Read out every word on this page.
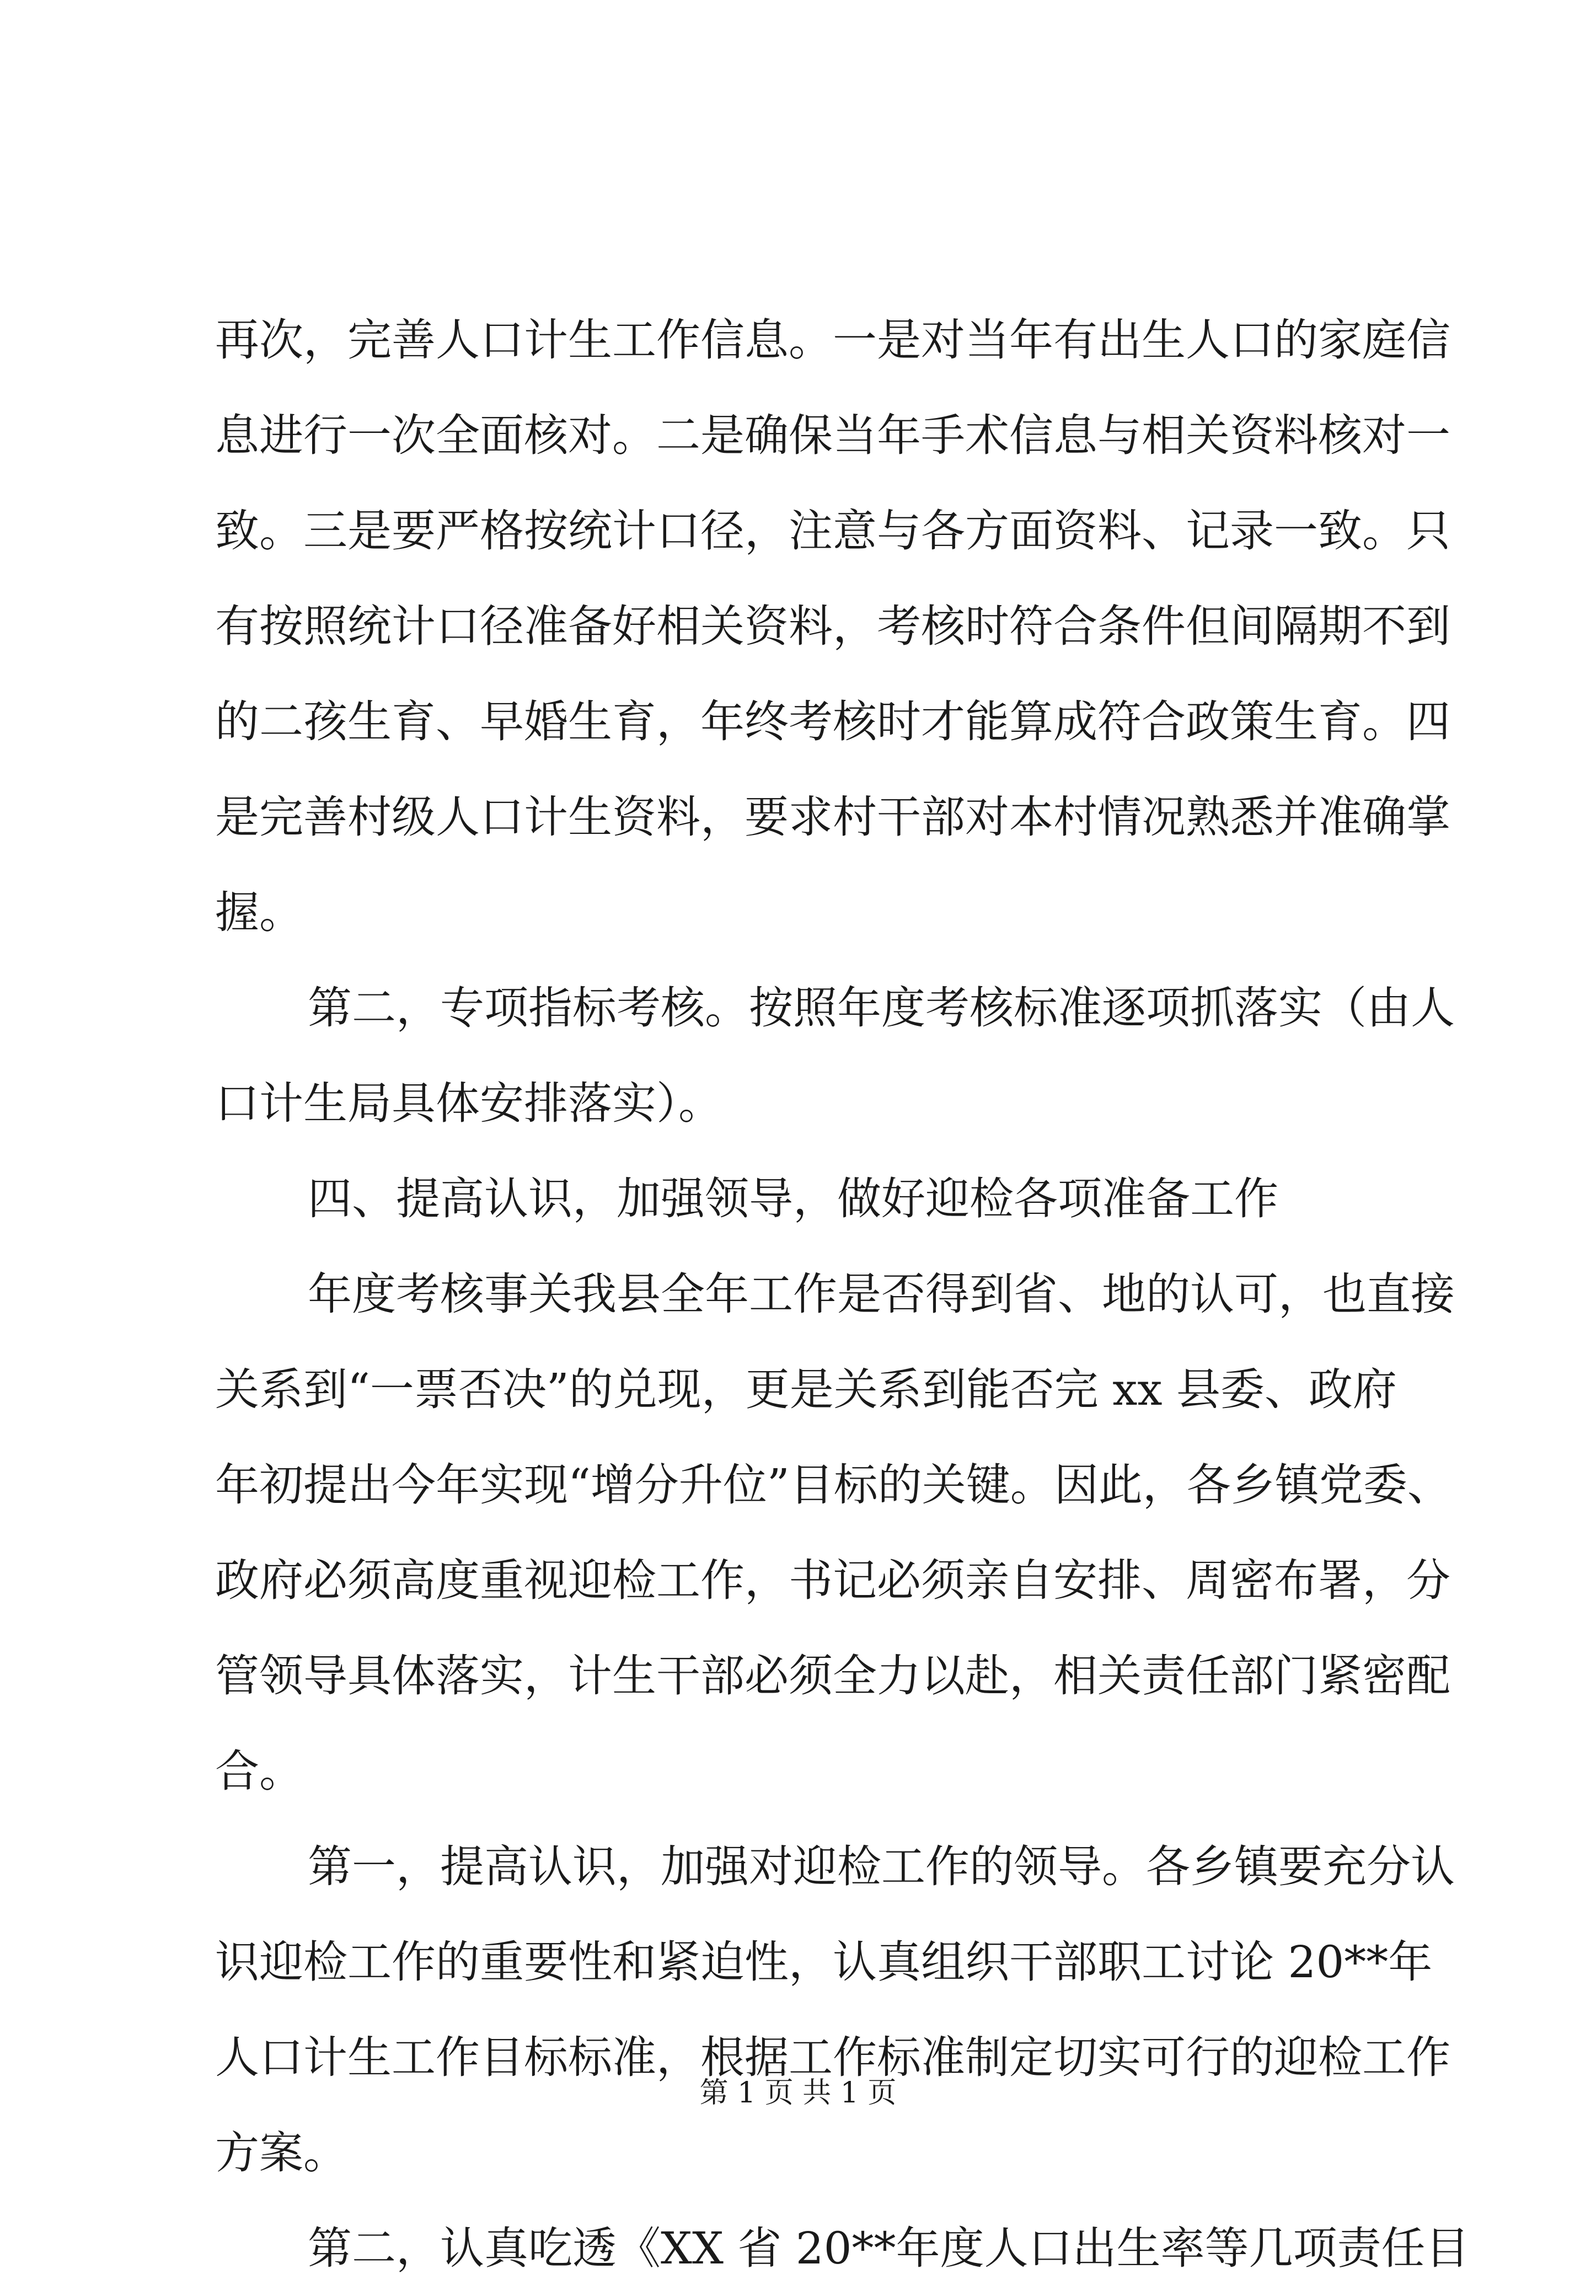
再次，完善人口计生工作信息。一是对当年有出生人口的家庭信
息进行一次全面核对。二是确保当年手术信息与相关资料核对一
致。三是要严格按统计口径，注意与各方面资料、记录一致。只
有按照统计口径准备好相关资料，考核时符合条件但间隔期不到
的二孩生育、早婚生育，年终考核时才能算成符合政策生育。四
是完善村级人口计生资料，要求村干部对本村情况熟悉并准确掌
握。
第二，专项指标考核。按照年度考核标准逐项抓落实（由人
口计生局具体安排落实）。
四、提高认识，加强领导，做好迎检各项准备工作
年度考核事关我县全年工作是否得到省、地的认可，也直接
关系到“一票否决”的兑现，更是关系到能否完 xx 县委、政府
年初提出今年实现“增分升位”目标的关键。因此，各乡镇党委、
政府必须高度重视迎检工作，书记必须亲自安排、周密布署，分
管领导具体落实，计生干部必须全力以赴，相关责任部门紧密配
合。
第一，提高认识，加强对迎检工作的领导。各乡镇要充分认
识迎检工作的重要性和紧迫性，认真组织干部职工讨论 20**年
人口计生工作目标标准，根据工作标准制定切实可行的迎检工作
方案。
第二，认真吃透《XX 省 20**年度人口出生率等几项责任目
第 1 页 共 1 页
